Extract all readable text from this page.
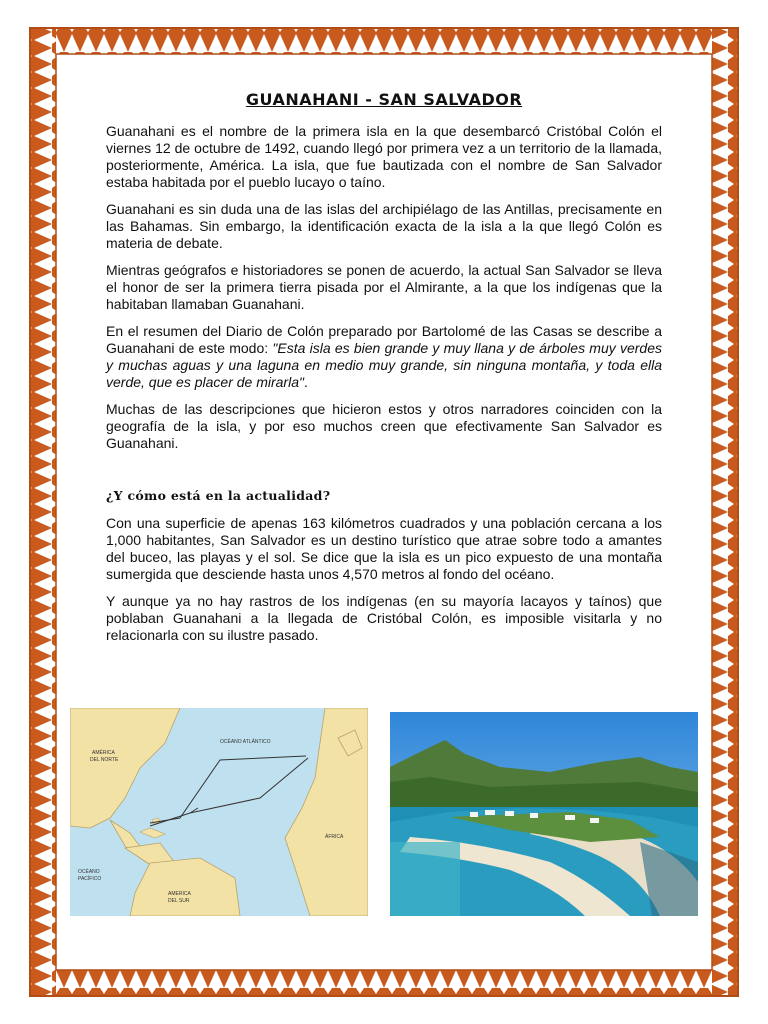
GUANAHANI - SAN SALVADOR

Guanahani es el nombre de la primera isla en la que desembarcó Cristóbal Colón el viernes 12 de octubre de 1492, cuando llegó por primera vez a un territorio de la llamada, posteriormente, América. La isla, que fue bautizada con el nombre de San Salvador estaba habitada por el pueblo lucayo o taíno.

Guanahani es sin duda una de las islas del archipiélago de las Antillas, precisamente en las Bahamas. Sin embargo, la identificación exacta de la isla a la que llegó Colón es materia de debate.

Mientras geógrafos e historiadores se ponen de acuerdo, la actual San Salvador se lleva el honor de ser la primera tierra pisada por el Almirante, a la que los indígenas que la habitaban llamaban Guanahani.

En el resumen del Diario de Colón preparado por Bartolomé de las Casas se describe a Guanahani de este modo: "Esta isla es bien grande y muy llana y de árboles muy verdes y muchas aguas y una laguna en medio muy grande, sin ninguna montaña, y toda ella verde, que es placer de mirarla".

Muchas de las descripciones que hicieron estos y otros narradores coinciden con la geografía de la isla, y por eso muchos creen que efectivamente San Salvador es Guanahani.

¿Y cómo está en la actualidad?

Con una superficie de apenas 163 kilómetros cuadrados y una población cercana a los 1,000 habitantes, San Salvador es un destino turístico que atrae sobre todo a amantes del buceo, las playas y el sol. Se dice que la isla es un pico expuesto de una montaña sumergida que desciende hasta unos 4,570 metros al fondo del océano.

Y aunque ya no hay rastros de los indígenas (en su mayoría lacayos y taínos) que poblaban Guanahani a la llegada de Cristóbal Colón, es imposible visitarla y no relacionarla con su ilustre pasado.

OCÉANO ATLÁNTICO
AMÉRICA
DEL NORTE
OCÉANO
PACÍFICO
AMERICA
DEL SUR
ÁFRICA
